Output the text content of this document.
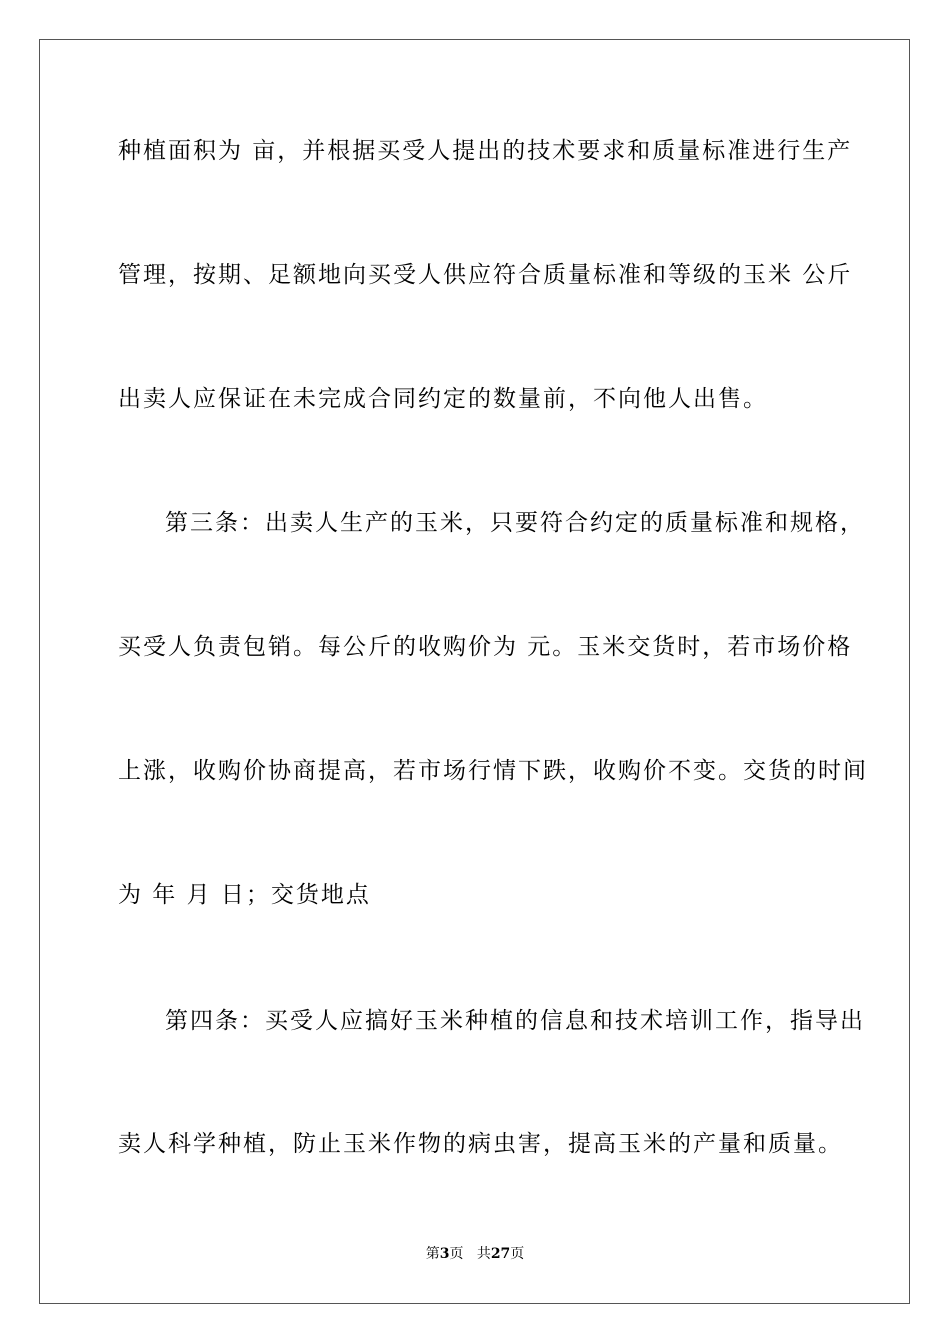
种植面积为 亩，并根据买受人提出的技术要求和质量标准进行生产
管理，按期、足额地向买受人供应符合质量标准和等级的玉米 公斤
出卖人应保证在未完成合同约定的数量前，不向他人出售。
第三条：出卖人生产的玉米，只要符合约定的质量标准和规格，
买受人负责包销。每公斤的收购价为 元。玉米交货时，若市场价格
上涨，收购价协商提高，若市场行情下跌，收购价不变。交货的时间
为 年 月 日；交货地点
第四条：买受人应搞好玉米种植的信息和技术培训工作，指导出
卖人科学种植，防止玉米作物的病虫害，提高玉米的产量和质量。
第3页 共27页
